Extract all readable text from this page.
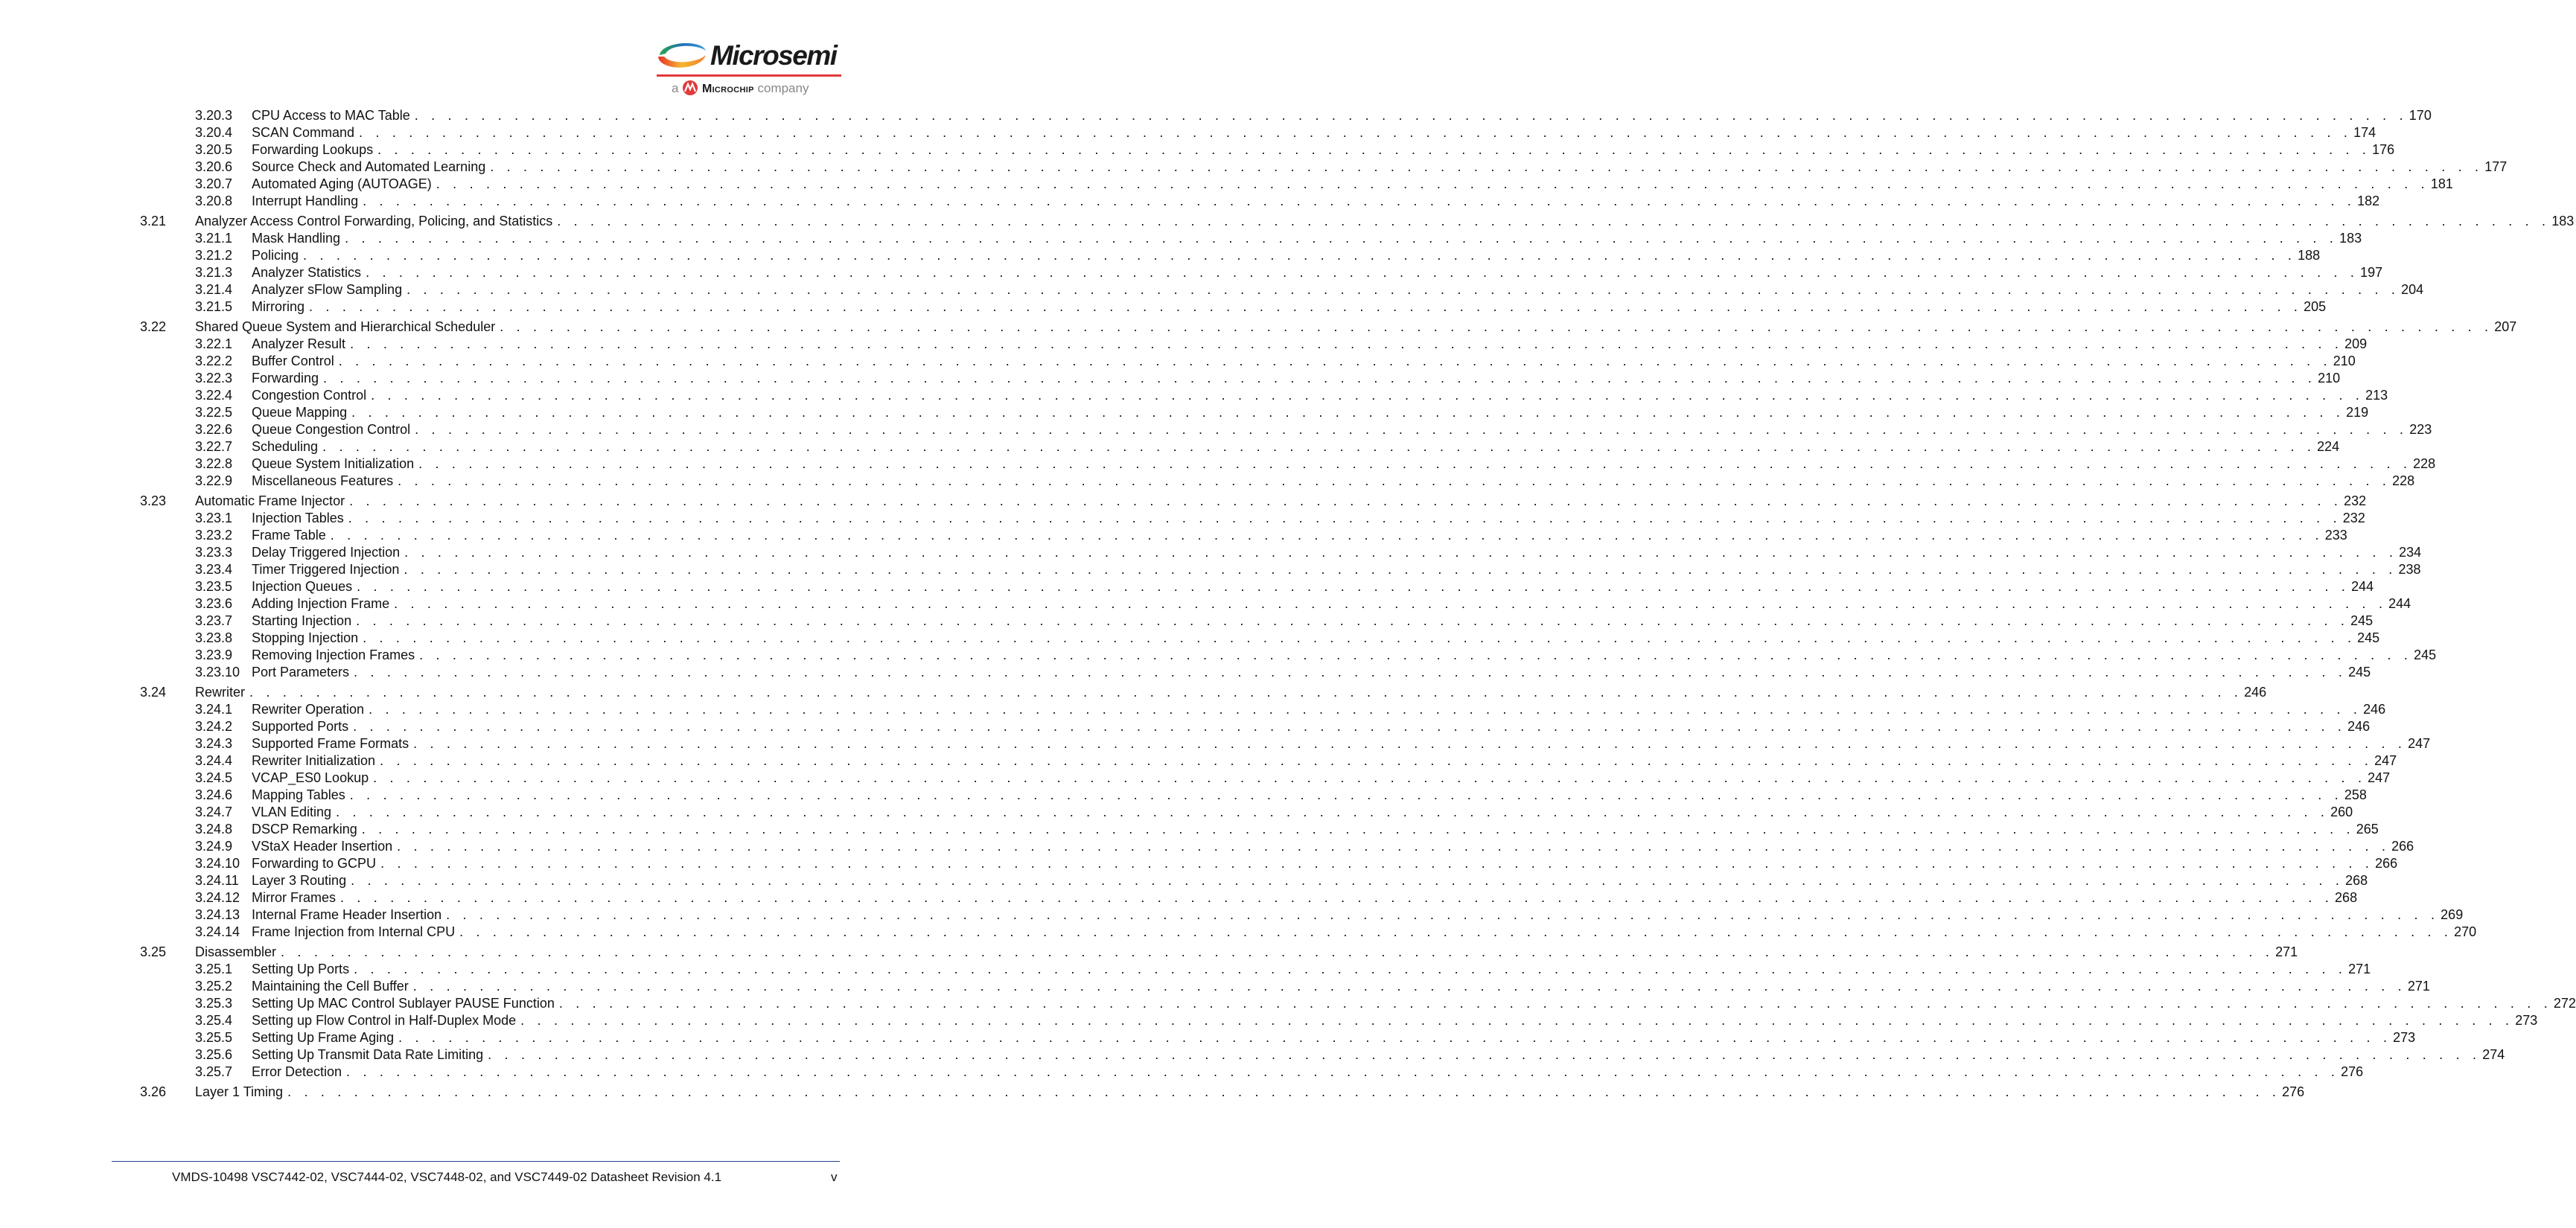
Microsemi
a Microchip company
3.20.3	CPU Access to MAC Table . . . . . . . . . . . . . . . . . . . . . . . . . . . . . . . . . . . . . . . . . . . . . . . . . . . . . . . . . . . . . . . . . . . . . . . . . . . . . . . . . . . . . . . . . . . . . . . . . . . . . . . . . . . . . . . . . . . . . . . . 170
3.20.4	SCAN Command . . . . . . . . . . . . . . . . . . . . . . . . . . . . . . . . . . . . . . . . . . . . . . . . . . . . . . . . . . . . . . . . . . . . . . . . . . . . . . . . . . . . . . . . . . . . . . . . . . . . . . . . . . . . . . . . . . . . . . . . 174
3.20.5	Forwarding Lookups . . . . . . . . . . . . . . . . . . . . . . . . . . . . . . . . . . . . . . . . . . . . . . . . . . . . . . . . . . . . . . . . . . . . . . . . . . . . . . . . . . . . . . . . . . . . . . . . . . . . . . . . . . . . . . . . . . . . . . . . 176
3.20.6	Source Check and Automated Learning . . . . . . . . . . . . . . . . . . . . . . . . . . . . . . . . . . . . . . . . . . . . . . . . . . . . . . . . . . . . . . . . . . . . . . . . . . . . . . . . . . . . . . . . . . . . . . . . . . . . . . . . . . . . . . . . . . . . . . . . 177
3.20.7	Automated Aging (AUTOAGE) . . . . . . . . . . . . . . . . . . . . . . . . . . . . . . . . . . . . . . . . . . . . . . . . . . . . . . . . . . . . . . . . . . . . . . . . . . . . . . . . . . . . . . . . . . . . . . . . . . . . . . . . . . . . . . . . . . . . . . . . 181
3.20.8	Interrupt Handling . . . . . . . . . . . . . . . . . . . . . . . . . . . . . . . . . . . . . . . . . . . . . . . . . . . . . . . . . . . . . . . . . . . . . . . . . . . . . . . . . . . . . . . . . . . . . . . . . . . . . . . . . . . . . . . . . . . . . . . . 182
3.21	Analyzer Access Control Forwarding, Policing, and Statistics . . . . . . . . . . . . . . . . . . . . . . . . . . . . . . . . . . . . . . . . . . . . . . . . . . . . . . . . . . . . . . . . . . . . . . . . . . . . . . . . . . . . . . . . . . . . . . . . . . . . . . . . . . . . . . . . . . . . . . . . 183
3.21.1	Mask Handling . . . . . . . . . . . . . . . . . . . . . . . . . . . . . . . . . . . . . . . . . . . . . . . . . . . . . . . . . . . . . . . . . . . . . . . . . . . . . . . . . . . . . . . . . . . . . . . . . . . . . . . . . . . . . . . . . . . . . . . . 183
3.21.2	Policing . . . . . . . . . . . . . . . . . . . . . . . . . . . . . . . . . . . . . . . . . . . . . . . . . . . . . . . . . . . . . . . . . . . . . . . . . . . . . . . . . . . . . . . . . . . . . . . . . . . . . . . . . . . . . . . . . . . . . . . . 188
3.21.3	Analyzer Statistics . . . . . . . . . . . . . . . . . . . . . . . . . . . . . . . . . . . . . . . . . . . . . . . . . . . . . . . . . . . . . . . . . . . . . . . . . . . . . . . . . . . . . . . . . . . . . . . . . . . . . . . . . . . . . . . . . . . . . . . . 197
3.21.4	Analyzer sFlow Sampling . . . . . . . . . . . . . . . . . . . . . . . . . . . . . . . . . . . . . . . . . . . . . . . . . . . . . . . . . . . . . . . . . . . . . . . . . . . . . . . . . . . . . . . . . . . . . . . . . . . . . . . . . . . . . . . . . . . . . . . . 204
3.21.5	Mirroring . . . . . . . . . . . . . . . . . . . . . . . . . . . . . . . . . . . . . . . . . . . . . . . . . . . . . . . . . . . . . . . . . . . . . . . . . . . . . . . . . . . . . . . . . . . . . . . . . . . . . . . . . . . . . . . . . . . . . . . . 205
3.22	Shared Queue System and Hierarchical Scheduler . . . . . . . . . . . . . . . . . . . . . . . . . . . . . . . . . . . . . . . . . . . . . . . . . . . . . . . . . . . . . . . . . . . . . . . . . . . . . . . . . . . . . . . . . . . . . . . . . . . . . . . . . . . . . . . . . . . . . . . . 207
3.22.1	Analyzer Result . . . . . . . . . . . . . . . . . . . . . . . . . . . . . . . . . . . . . . . . . . . . . . . . . . . . . . . . . . . . . . . . . . . . . . . . . . . . . . . . . . . . . . . . . . . . . . . . . . . . . . . . . . . . . . . . . . . . . . . . 209
3.22.2	Buffer Control . . . . . . . . . . . . . . . . . . . . . . . . . . . . . . . . . . . . . . . . . . . . . . . . . . . . . . . . . . . . . . . . . . . . . . . . . . . . . . . . . . . . . . . . . . . . . . . . . . . . . . . . . . . . . . . . . . . . . . . . 210
3.22.3	Forwarding . . . . . . . . . . . . . . . . . . . . . . . . . . . . . . . . . . . . . . . . . . . . . . . . . . . . . . . . . . . . . . . . . . . . . . . . . . . . . . . . . . . . . . . . . . . . . . . . . . . . . . . . . . . . . . . . . . . . . . . . 210
3.22.4	Congestion Control . . . . . . . . . . . . . . . . . . . . . . . . . . . . . . . . . . . . . . . . . . . . . . . . . . . . . . . . . . . . . . . . . . . . . . . . . . . . . . . . . . . . . . . . . . . . . . . . . . . . . . . . . . . . . . . . . . . . . . . . 213
3.22.5	Queue Mapping . . . . . . . . . . . . . . . . . . . . . . . . . . . . . . . . . . . . . . . . . . . . . . . . . . . . . . . . . . . . . . . . . . . . . . . . . . . . . . . . . . . . . . . . . . . . . . . . . . . . . . . . . . . . . . . . . . . . . . . . 219
3.22.6	Queue Congestion Control . . . . . . . . . . . . . . . . . . . . . . . . . . . . . . . . . . . . . . . . . . . . . . . . . . . . . . . . . . . . . . . . . . . . . . . . . . . . . . . . . . . . . . . . . . . . . . . . . . . . . . . . . . . . . . . . . . . . . . . . 223
3.22.7	Scheduling . . . . . . . . . . . . . . . . . . . . . . . . . . . . . . . . . . . . . . . . . . . . . . . . . . . . . . . . . . . . . . . . . . . . . . . . . . . . . . . . . . . . . . . . . . . . . . . . . . . . . . . . . . . . . . . . . . . . . . . . 224
3.22.8	Queue System Initialization . . . . . . . . . . . . . . . . . . . . . . . . . . . . . . . . . . . . . . . . . . . . . . . . . . . . . . . . . . . . . . . . . . . . . . . . . . . . . . . . . . . . . . . . . . . . . . . . . . . . . . . . . . . . . . . . . . . . . . . . 228
3.22.9	Miscellaneous Features . . . . . . . . . . . . . . . . . . . . . . . . . . . . . . . . . . . . . . . . . . . . . . . . . . . . . . . . . . . . . . . . . . . . . . . . . . . . . . . . . . . . . . . . . . . . . . . . . . . . . . . . . . . . . . . . . . . . . . . . 228
3.23	Automatic Frame Injector . . . . . . . . . . . . . . . . . . . . . . . . . . . . . . . . . . . . . . . . . . . . . . . . . . . . . . . . . . . . . . . . . . . . . . . . . . . . . . . . . . . . . . . . . . . . . . . . . . . . . . . . . . . . . . . . . . . . . . . . 232
3.23.1	Injection Tables . . . . . . . . . . . . . . . . . . . . . . . . . . . . . . . . . . . . . . . . . . . . . . . . . . . . . . . . . . . . . . . . . . . . . . . . . . . . . . . . . . . . . . . . . . . . . . . . . . . . . . . . . . . . . . . . . . . . . . . . 232
3.23.2	Frame Table . . . . . . . . . . . . . . . . . . . . . . . . . . . . . . . . . . . . . . . . . . . . . . . . . . . . . . . . . . . . . . . . . . . . . . . . . . . . . . . . . . . . . . . . . . . . . . . . . . . . . . . . . . . . . . . . . . . . . . . . 233
3.23.3	Delay Triggered Injection . . . . . . . . . . . . . . . . . . . . . . . . . . . . . . . . . . . . . . . . . . . . . . . . . . . . . . . . . . . . . . . . . . . . . . . . . . . . . . . . . . . . . . . . . . . . . . . . . . . . . . . . . . . . . . . . . . . . . . . . 234
3.23.4	Timer Triggered Injection . . . . . . . . . . . . . . . . . . . . . . . . . . . . . . . . . . . . . . . . . . . . . . . . . . . . . . . . . . . . . . . . . . . . . . . . . . . . . . . . . . . . . . . . . . . . . . . . . . . . . . . . . . . . . . . . . . . . . . . . 238
3.23.5	Injection Queues . . . . . . . . . . . . . . . . . . . . . . . . . . . . . . . . . . . . . . . . . . . . . . . . . . . . . . . . . . . . . . . . . . . . . . . . . . . . . . . . . . . . . . . . . . . . . . . . . . . . . . . . . . . . . . . . . . . . . . . . 244
3.23.6	Adding Injection Frame . . . . . . . . . . . . . . . . . . . . . . . . . . . . . . . . . . . . . . . . . . . . . . . . . . . . . . . . . . . . . . . . . . . . . . . . . . . . . . . . . . . . . . . . . . . . . . . . . . . . . . . . . . . . . . . . . . . . . . . . 244
3.23.7	Starting Injection . . . . . . . . . . . . . . . . . . . . . . . . . . . . . . . . . . . . . . . . . . . . . . . . . . . . . . . . . . . . . . . . . . . . . . . . . . . . . . . . . . . . . . . . . . . . . . . . . . . . . . . . . . . . . . . . . . . . . . . . 245
3.23.8	Stopping Injection . . . . . . . . . . . . . . . . . . . . . . . . . . . . . . . . . . . . . . . . . . . . . . . . . . . . . . . . . . . . . . . . . . . . . . . . . . . . . . . . . . . . . . . . . . . . . . . . . . . . . . . . . . . . . . . . . . . . . . . . 245
3.23.9	Removing Injection Frames . . . . . . . . . . . . . . . . . . . . . . . . . . . . . . . . . . . . . . . . . . . . . . . . . . . . . . . . . . . . . . . . . . . . . . . . . . . . . . . . . . . . . . . . . . . . . . . . . . . . . . . . . . . . . . . . . . . . . . . . 245
3.23.10 Port Parameters . . . . . . . . . . . . . . . . . . . . . . . . . . . . . . . . . . . . . . . . . . . . . . . . . . . . . . . . . . . . . . . . . . . . . . . . . . . . . . . . . . . . . . . . . . . . . . . . . . . . . . . . . . . . . . . . . . . . . . . . 245
3.24	Rewriter . . . . . . . . . . . . . . . . . . . . . . . . . . . . . . . . . . . . . . . . . . . . . . . . . . . . . . . . . . . . . . . . . . . . . . . . . . . . . . . . . . . . . . . . . . . . . . . . . . . . . . . . . . . . . . . . . . . . . . . . 246
3.24.1	Rewriter Operation . . . . . . . . . . . . . . . . . . . . . . . . . . . . . . . . . . . . . . . . . . . . . . . . . . . . . . . . . . . . . . . . . . . . . . . . . . . . . . . . . . . . . . . . . . . . . . . . . . . . . . . . . . . . . . . . . . . . . . . . 246
3.24.2	Supported Ports . . . . . . . . . . . . . . . . . . . . . . . . . . . . . . . . . . . . . . . . . . . . . . . . . . . . . . . . . . . . . . . . . . . . . . . . . . . . . . . . . . . . . . . . . . . . . . . . . . . . . . . . . . . . . . . . . . . . . . . . 246
3.24.3	Supported Frame Formats . . . . . . . . . . . . . . . . . . . . . . . . . . . . . . . . . . . . . . . . . . . . . . . . . . . . . . . . . . . . . . . . . . . . . . . . . . . . . . . . . . . . . . . . . . . . . . . . . . . . . . . . . . . . . . . . . . . . . . . . 247
3.24.4	Rewriter Initialization . . . . . . . . . . . . . . . . . . . . . . . . . . . . . . . . . . . . . . . . . . . . . . . . . . . . . . . . . . . . . . . . . . . . . . . . . . . . . . . . . . . . . . . . . . . . . . . . . . . . . . . . . . . . . . . . . . . . . . . . 247
3.24.5	VCAP_ES0 Lookup . . . . . . . . . . . . . . . . . . . . . . . . . . . . . . . . . . . . . . . . . . . . . . . . . . . . . . . . . . . . . . . . . . . . . . . . . . . . . . . . . . . . . . . . . . . . . . . . . . . . . . . . . . . . . . . . . . . . . . . . 247
3.24.6	Mapping Tables . . . . . . . . . . . . . . . . . . . . . . . . . . . . . . . . . . . . . . . . . . . . . . . . . . . . . . . . . . . . . . . . . . . . . . . . . . . . . . . . . . . . . . . . . . . . . . . . . . . . . . . . . . . . . . . . . . . . . . . . 258
3.24.7	VLAN Editing . . . . . . . . . . . . . . . . . . . . . . . . . . . . . . . . . . . . . . . . . . . . . . . . . . . . . . . . . . . . . . . . . . . . . . . . . . . . . . . . . . . . . . . . . . . . . . . . . . . . . . . . . . . . . . . . . . . . . . . . 260
3.24.8	DSCP Remarking . . . . . . . . . . . . . . . . . . . . . . . . . . . . . . . . . . . . . . . . . . . . . . . . . . . . . . . . . . . . . . . . . . . . . . . . . . . . . . . . . . . . . . . . . . . . . . . . . . . . . . . . . . . . . . . . . . . . . . . . 265
3.24.9	VStaX Header Insertion . . . . . . . . . . . . . . . . . . . . . . . . . . . . . . . . . . . . . . . . . . . . . . . . . . . . . . . . . . . . . . . . . . . . . . . . . . . . . . . . . . . . . . . . . . . . . . . . . . . . . . . . . . . . . . . . . . . . . . . . 266
3.24.10 Forwarding to GCPU . . . . . . . . . . . . . . . . . . . . . . . . . . . . . . . . . . . . . . . . . . . . . . . . . . . . . . . . . . . . . . . . . . . . . . . . . . . . . . . . . . . . . . . . . . . . . . . . . . . . . . . . . . . . . . . . . . . . . . . . 266
3.24.11 Layer 3 Routing . . . . . . . . . . . . . . . . . . . . . . . . . . . . . . . . . . . . . . . . . . . . . . . . . . . . . . . . . . . . . . . . . . . . . . . . . . . . . . . . . . . . . . . . . . . . . . . . . . . . . . . . . . . . . . . . . . . . . . . . 268
3.24.12 Mirror Frames . . . . . . . . . . . . . . . . . . . . . . . . . . . . . . . . . . . . . . . . . . . . . . . . . . . . . . . . . . . . . . . . . . . . . . . . . . . . . . . . . . . . . . . . . . . . . . . . . . . . . . . . . . . . . . . . . . . . . . . . 268
3.24.13 Internal Frame Header Insertion . . . . . . . . . . . . . . . . . . . . . . . . . . . . . . . . . . . . . . . . . . . . . . . . . . . . . . . . . . . . . . . . . . . . . . . . . . . . . . . . . . . . . . . . . . . . . . . . . . . . . . . . . . . . . . . . . . . . . . . . 269
3.24.14 Frame Injection from Internal CPU . . . . . . . . . . . . . . . . . . . . . . . . . . . . . . . . . . . . . . . . . . . . . . . . . . . . . . . . . . . . . . . . . . . . . . . . . . . . . . . . . . . . . . . . . . . . . . . . . . . . . . . . . . . . . . . . . . . . . . . . 270
3.25	Disassembler . . . . . . . . . . . . . . . . . . . . . . . . . . . . . . . . . . . . . . . . . . . . . . . . . . . . . . . . . . . . . . . . . . . . . . . . . . . . . . . . . . . . . . . . . . . . . . . . . . . . . . . . . . . . . . . . . . . . . . . . 271
3.25.1	Setting Up Ports . . . . . . . . . . . . . . . . . . . . . . . . . . . . . . . . . . . . . . . . . . . . . . . . . . . . . . . . . . . . . . . . . . . . . . . . . . . . . . . . . . . . . . . . . . . . . . . . . . . . . . . . . . . . . . . . . . . . . . . . 271
3.25.2	Maintaining the Cell Buffer . . . . . . . . . . . . . . . . . . . . . . . . . . . . . . . . . . . . . . . . . . . . . . . . . . . . . . . . . . . . . . . . . . . . . . . . . . . . . . . . . . . . . . . . . . . . . . . . . . . . . . . . . . . . . . . . . . . . . . . . 271
3.25.3	Setting Up MAC Control Sublayer PAUSE Function . . . . . . . . . . . . . . . . . . . . . . . . . . . . . . . . . . . . . . . . . . . . . . . . . . . . . . . . . . . . . . . . . . . . . . . . . . . . . . . . . . . . . . . . . . . . . . . . . . . . . . . . . . . . . . . . . . . . . . . . 272
3.25.4	Setting up Flow Control in Half-Duplex Mode . . . . . . . . . . . . . . . . . . . . . . . . . . . . . . . . . . . . . . . . . . . . . . . . . . . . . . . . . . . . . . . . . . . . . . . . . . . . . . . . . . . . . . . . . . . . . . . . . . . . . . . . . . . . . . . . . . . . . . . . 273
3.25.5	Setting Up Frame Aging . . . . . . . . . . . . . . . . . . . . . . . . . . . . . . . . . . . . . . . . . . . . . . . . . . . . . . . . . . . . . . . . . . . . . . . . . . . . . . . . . . . . . . . . . . . . . . . . . . . . . . . . . . . . . . . . . . . . . . . . 273
3.25.6	Setting Up Transmit Data Rate Limiting . . . . . . . . . . . . . . . . . . . . . . . . . . . . . . . . . . . . . . . . . . . . . . . . . . . . . . . . . . . . . . . . . . . . . . . . . . . . . . . . . . . . . . . . . . . . . . . . . . . . . . . . . . . . . . . . . . . . . . . . 274
3.25.7	Error Detection . . . . . . . . . . . . . . . . . . . . . . . . . . . . . . . . . . . . . . . . . . . . . . . . . . . . . . . . . . . . . . . . . . . . . . . . . . . . . . . . . . . . . . . . . . . . . . . . . . . . . . . . . . . . . . . . . . . . . . . . 276
3.26	Layer 1 Timing . . . . . . . . . . . . . . . . . . . . . . . . . . . . . . . . . . . . . . . . . . . . . . . . . . . . . . . . . . . . . . . . . . . . . . . . . . . . . . . . . . . . . . . . . . . . . . . . . . . . . . . . . . . . . . . . . . . . . . . . 276
VMDS-10498 VSC7442-02, VSC7444-02, VSC7448-02, and VSC7449-02 Datasheet Revision 4.1	v
